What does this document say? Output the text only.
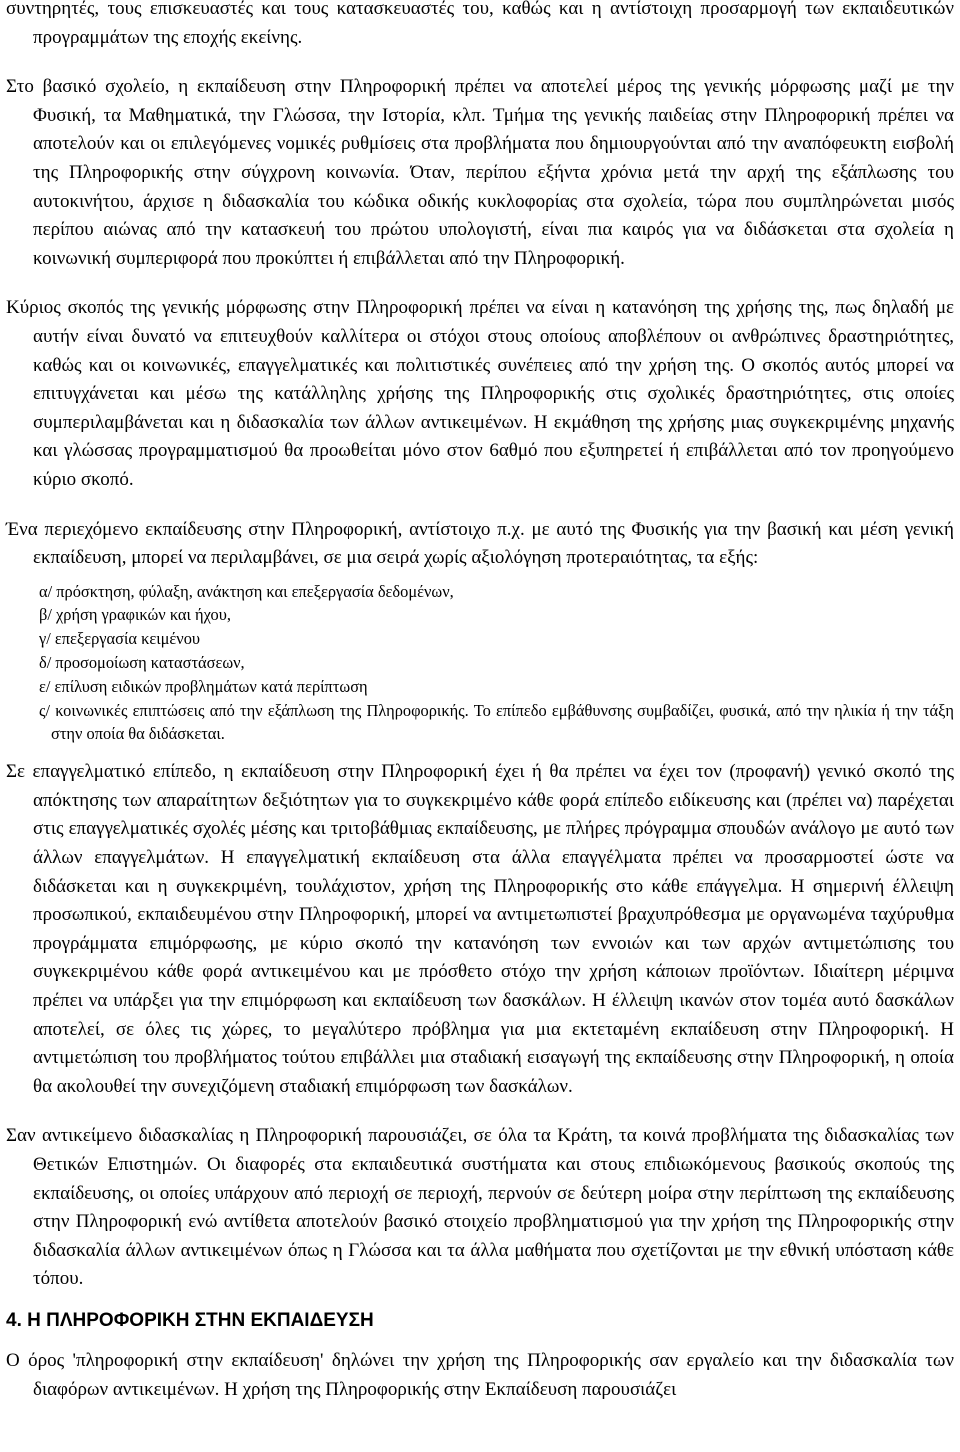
συντηρητές, τους επισκευαστές και τους κατασκευαστές του, καθώς και η αντίστοιχη προσαρμογή των εκπαιδευτικών προγραμμάτων της εποχής εκείνης.

Στο βασικό σχολείο, η εκπαίδευση στην Πληροφορική πρέπει να αποτελεί μέρος της γενικής μόρφωσης μαζί με την Φυσική, τα Μαθηματικά, την Γλώσσα, την Ιστορία, κλπ. Τμήμα της γενικής παιδείας στην Πληροφορική πρέπει να αποτελούν και οι επιλεγόμενες νομικές ρυθμίσεις στα προβλήματα που δημιουργούνται από την αναπόφευκτη εισβολή της Πληροφορικής στην σύγχρονη κοινωνία. Όταν, περίπου εξήντα χρόνια μετά την αρχή της εξάπλωσης του αυτοκινήτου, άρχισε η διδασκαλία του κώδικα οδικής κυκλοφορίας στα σχολεία, τώρα που συμπληρώνεται μισός περίπου αιώνας από την κατασκευή του πρώτου υπολογιστή, είναι πια καιρός για να διδάσκεται στα σχολεία η κοινωνική συμπεριφορά που προκύπτει ή επιβάλλεται από την Πληροφορική.

Κύριος σκοπός της γενικής μόρφωσης στην Πληροφορική πρέπει να είναι η κατανόηση της χρήσης της, πως δηλαδή με αυτήν είναι δυνατό να επιτευχθούν καλλίτερα οι στόχοι στους οποίους αποβλέπουν οι ανθρώπινες δραστηριότητες, καθώς και οι κοινωνικές, επαγγελματικές και πολιτιστικές συνέπειες από την χρήση της. Ο σκοπός αυτός μπορεί να επιτυγχάνεται και μέσω της κατάλληλης χρήσης της Πληροφορικής στις σχολικές δραστηριότητες, στις οποίες συμπεριλαμβάνεται και η διδασκαλία των άλλων αντικειμένων. Η εκμάθηση της χρήσης μιας συγκεκριμένης μηχανής και γλώσσας προγραμματισμού θα προωθείται μόνο στον 6αθμό που εξυπηρετεί ή επιβάλλεται από τον προηγούμενο κύριο σκοπό.

Ένα περιεχόμενο εκπαίδευσης στην Πληροφορική, αντίστοιχο π.χ. με αυτό της Φυσικής για την βασική και μέση γενική εκπαίδευση, μπορεί να περιλαμβάνει, σε μια σειρά χωρίς αξιολόγηση προτεραιότητας, τα εξής:

α/ πρόσκτηση, φύλαξη, ανάκτηση και επεξεργασία δεδομένων,
β/ χρήση γραφικών και ήχου,
γ/ επεξεργασία κειμένου
δ/ προσομοίωση καταστάσεων,
ε/ επίλυση ειδικών προβλημάτων κατά περίπτωση
ς/ κοινωνικές επιπτώσεις από την εξάπλωση της Πληροφορικής. Το επίπεδο εμβάθυνσης συμβαδίζει, φυσικά, από την ηλικία ή την τάξη στην οποία θα διδάσκεται.

Σε επαγγελματικό επίπεδο, η εκπαίδευση στην Πληροφορική έχει ή θα πρέπει να έχει τον (προφανή) γενικό σκοπό της απόκτησης των απαραίτητων δεξιότητων για το συγκεκριμένο κάθε φορά επίπεδο ειδίκευσης και (πρέπει να) παρέχεται στις επαγγελματικές σχολές μέσης και τριτοβάθμιας εκπαίδευσης, με πλήρες πρόγραμμα σπουδών ανάλογο με αυτό των άλλων επαγγελμάτων. Η επαγγελματική εκπαίδευση στα άλλα επαγγέλματα πρέπει να προσαρμοστεί ώστε να διδάσκεται και η συγκεκριμένη, τουλάχιστον, χρήση της Πληροφορικής στο κάθε επάγγελμα. Η σημερινή έλλειψη προσωπικού, εκπαιδευμένου στην Πληροφορική, μπορεί να αντιμετωπιστεί βραχυπρόθεσμα με οργανωμένα ταχύρυθμα προγράμματα επιμόρφωσης, με κύριο σκοπό την κατανόηση των εννοιών και των αρχών αντιμετώπισης του συγκεκριμένου κάθε φορά αντικειμένου και με πρόσθετο στόχο την χρήση κάποιων προϊόντων. Ιδιαίτερη μέριμνα πρέπει να υπάρξει για την επιμόρφωση και εκπαίδευση των δασκάλων. Η έλλειψη ικανών στον τομέα αυτό δασκάλων αποτελεί, σε όλες τις χώρες, το μεγαλύτερο πρόβλημα για μια εκτεταμένη εκπαίδευση στην Πληροφορική. Η αντιμετώπιση του προβλήματος τούτου επιβάλλει μια σταδιακή εισαγωγή της εκπαίδευσης στην Πληροφορική, η οποία θα ακολουθεί την συνεχιζόμενη σταδιακή επιμόρφωση των δασκάλων.

Σαν αντικείμενο διδασκαλίας η Πληροφορική παρουσιάζει, σε όλα τα Κράτη, τα κοινά προβλήματα της διδασκαλίας των Θετικών Επιστημών. Οι διαφορές στα εκπαιδευτικά συστήματα και στους επιδιωκόμενους βασικούς σκοπούς της εκπαίδευσης, οι οποίες υπάρχουν από περιοχή σε περιοχή, περνούν σε δεύτερη μοίρα στην περίπτωση της εκπαίδευσης στην Πληροφορική ενώ αντίθετα αποτελούν βασικό στοιχείο προβληματισμού για την χρήση της Πληροφορικής στην διδασκαλία άλλων αντικειμένων όπως η Γλώσσα και τα άλλα μαθήματα που σχετίζονται με την εθνική υπόσταση κάθε τόπου.

4. Η ΠΛΗΡΟΦΟΡΙΚΗ ΣΤΗΝ ΕΚΠΑΙΔΕΥΣΗ

Ο όρος 'πληροφορική στην εκπαίδευση' δηλώνει την χρήση της Πληροφορικής σαν εργαλείο και την διδασκαλία των διαφόρων αντικειμένων. Η χρήση της Πληροφορικής στην Εκπαίδευση παρουσιάζει
